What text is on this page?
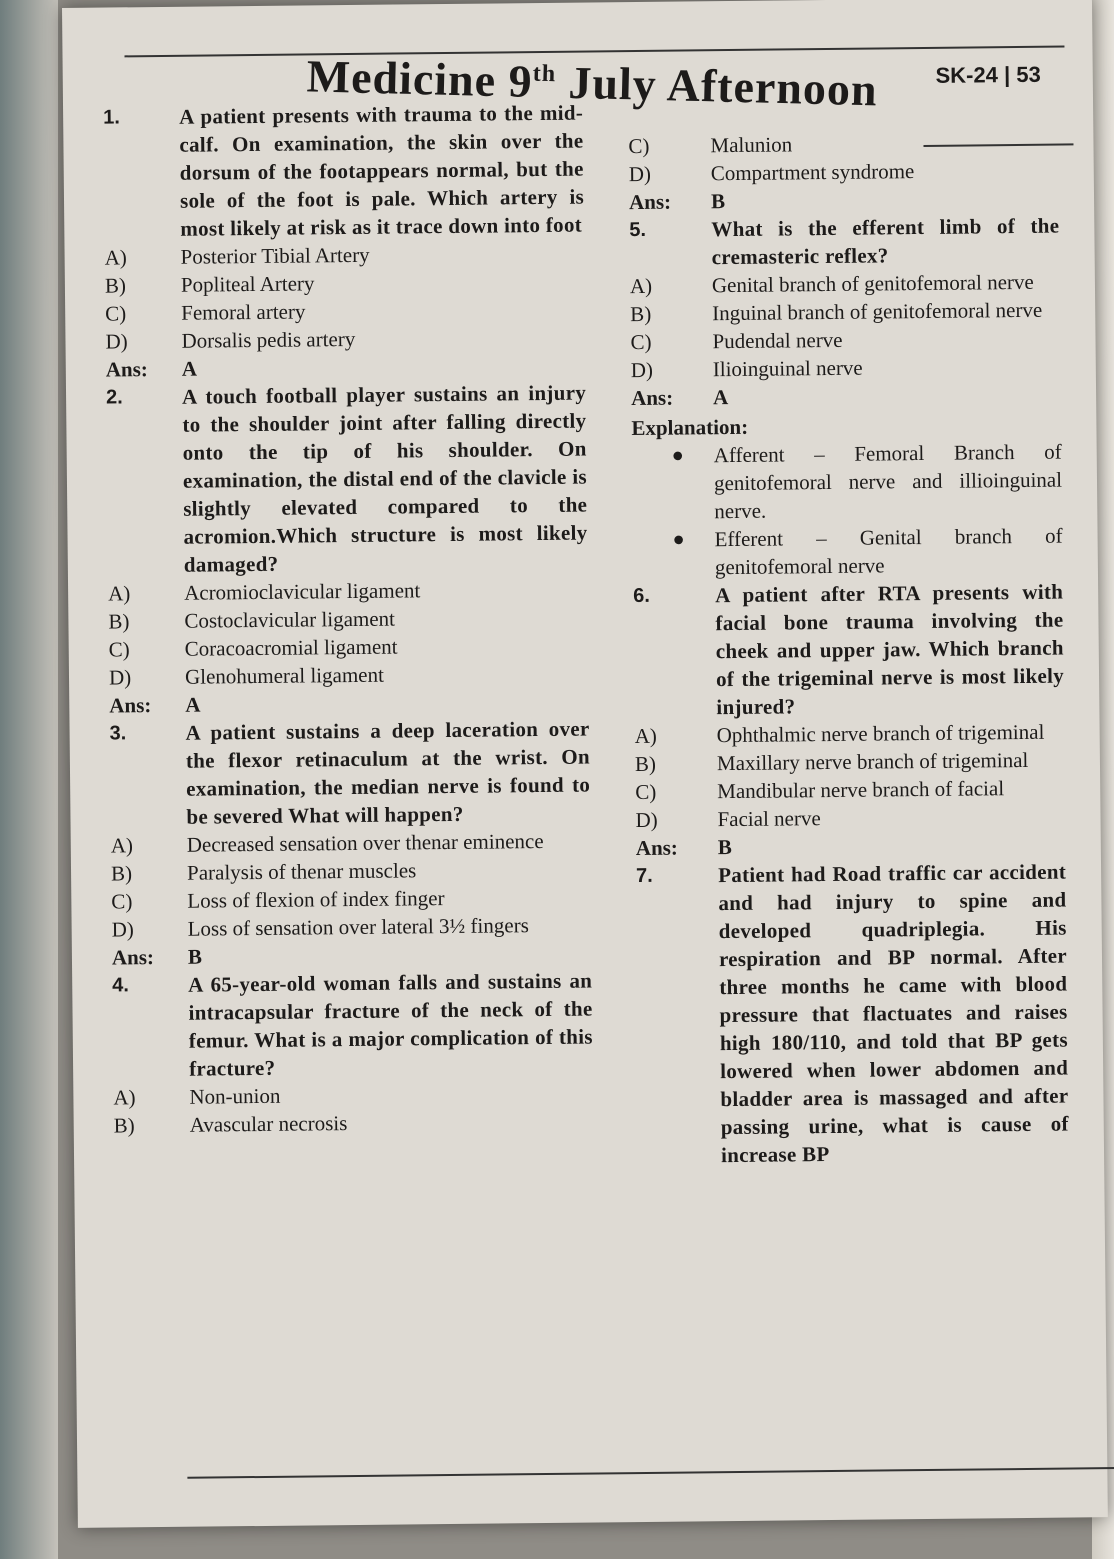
Medicine 9th July Afternoon	SK-24 | 53
1.	A patient presents with trauma to the mid-calf. On examination, the skin over the dorsum of the footappears normal, but the sole of the foot is pale. Which artery is most likely at risk as it trace down into foot
A)	Posterior Tibial Artery
B)	Popliteal Artery
C)	Femoral artery
D)	Dorsalis pedis artery
Ans:	A
2.	A touch football player sustains an injury to the shoulder joint after falling directly onto the tip of his shoulder. On examination, the distal end of the clavicle is slightly elevated compared to the acromion.Which structure is most likely damaged?
A)	Acromioclavicular ligament
B)	Costoclavicular ligament
C)	Coracoacromial ligament
D)	Glenohumeral ligament
Ans:	A
3.	A patient sustains a deep laceration over the flexor retinaculum at the wrist. On examination, the median nerve is found to be severed What will happen?
A)	Decreased sensation over thenar eminence
B)	Paralysis of thenar muscles
C)	Loss of flexion of index finger
D)	Loss of sensation over lateral 3½ fingers
Ans:	B
4.	A 65-year-old woman falls and sustains an intracapsular fracture of the neck of the femur. What is a major complication of this fracture?
A)	Non-union
B)	Avascular necrosis
C)	Malunion
D)	Compartment syndrome
Ans:	B
5.	What is the efferent limb of the cremasteric reflex?
A)	Genital branch of genitofemoral nerve
B)	Inguinal branch of genitofemoral nerve
C)	Pudendal nerve
D)	Ilioinguinal nerve
Ans:	A
Explanation:
●	Afferent – Femoral Branch of genitofemoral nerve and illioinguinal nerve.
●	Efferent – Genital branch of genitofemoral nerve
6.	A patient after RTA presents with facial bone trauma involving the cheek and upper jaw. Which branch of the trigeminal nerve is most likely injured?
A)	Ophthalmic nerve branch of trigeminal
B)	Maxillary nerve branch of trigeminal
C)	Mandibular nerve branch of facial
D)	Facial nerve
Ans:	B
7.	Patient had Road traffic car accident and had injury to spine and developed quadriplegia. His respiration and BP normal. After three months he came with blood pressure that flactuates and raises high 180/110, and told that BP gets lowered when lower abdomen and bladder area is massaged and after passing urine, what is cause of increase BP
